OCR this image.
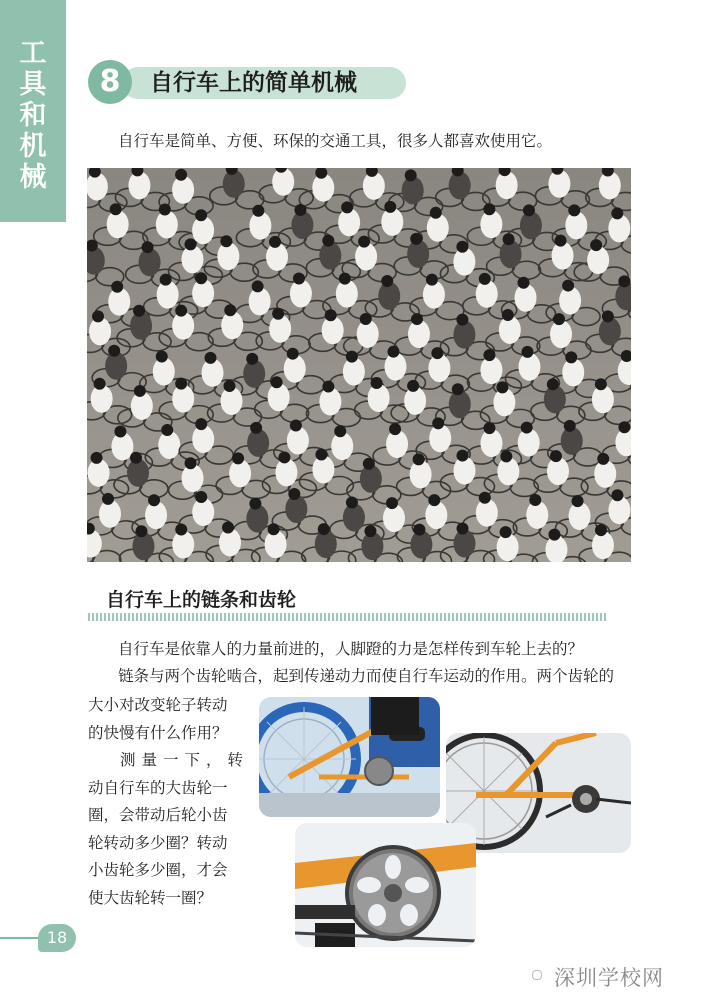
工
具
和
机
械
8	自行车上的简单机械
自行车是简单、方便、环保的交通工具，很多人都喜欢使用它。
自行车上的链条和齿轮
自行车是依靠人的力量前进的，人脚蹬的力是怎样传到车轮上去的？
链条与两个齿轮啮合，起到传递动力而使自行车运动的作用。两个齿轮的
大小对改变轮子转动
的快慢有什么作用？
测量一下，转
动自行车的大齿轮一
圈，会带动后轮小齿
轮转动多少圈？转动
小齿轮多少圈，才会
使大齿轮转一圈？
18
深圳学校网
